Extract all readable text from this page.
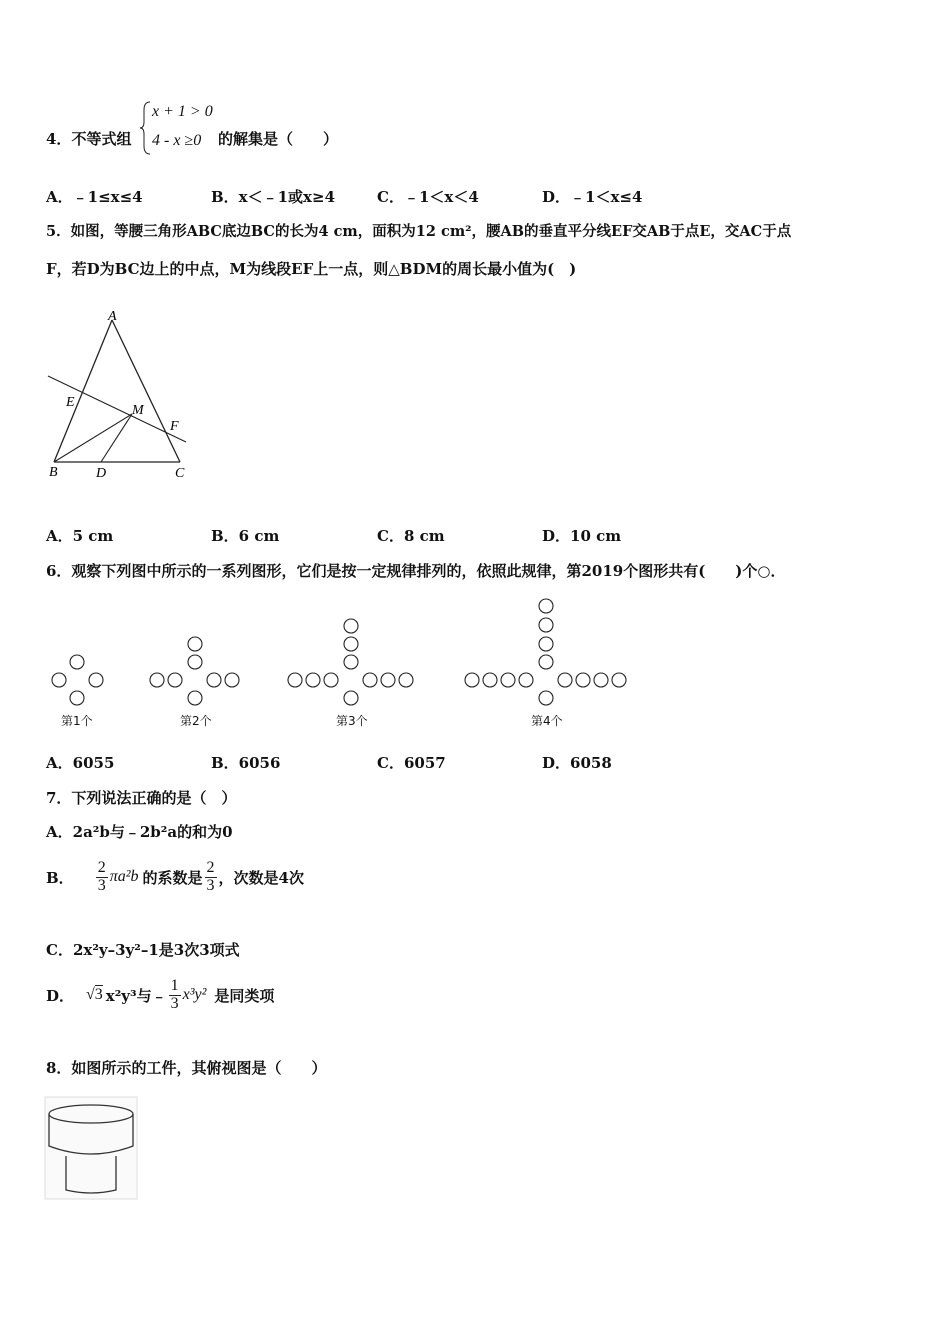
4．不等式组
x + 1 > 0
4 - x ≥0 的解集是（　　）
A．﹣1≤x≤4	B．x＜﹣1或x≥4	C．﹣1＜x＜4	D．﹣1＜x≤4
5．如图，等腰三角形ABC底边BC的长为4 cm，面积为12 cm²，腰AB的垂直平分线EF交AB于点E，交AC于点
F，若D为BC边上的中点，M为线段EF上一点，则△BDM的周长最小值为(　)
A
E
M
F
B	D	C
A．5 cm	B．6 cm	C．8 cm	D．10 cm
6．观察下列图中所示的一系列图形，它们是按一定规律排列的，依照此规律，第2019个图形共有(　　)个○．
第1个	第2个	第3个	第4个
A．6055	B．6056	C．6057	D．6058
7．下列说法正确的是（　）
A．2a²b与﹣2b²a的和为0
B． $\frac{2}{3} \pi a^2b$ 的系数是 $\frac{2}{3}$ ，次数是4次
C．2x²y–3y²–1是3次3项式
D． √3 x²y³与﹣ $\frac{1}{3} x^3y^2$ 是同类项
8．如图所示的工件，其俯视图是（　　）
